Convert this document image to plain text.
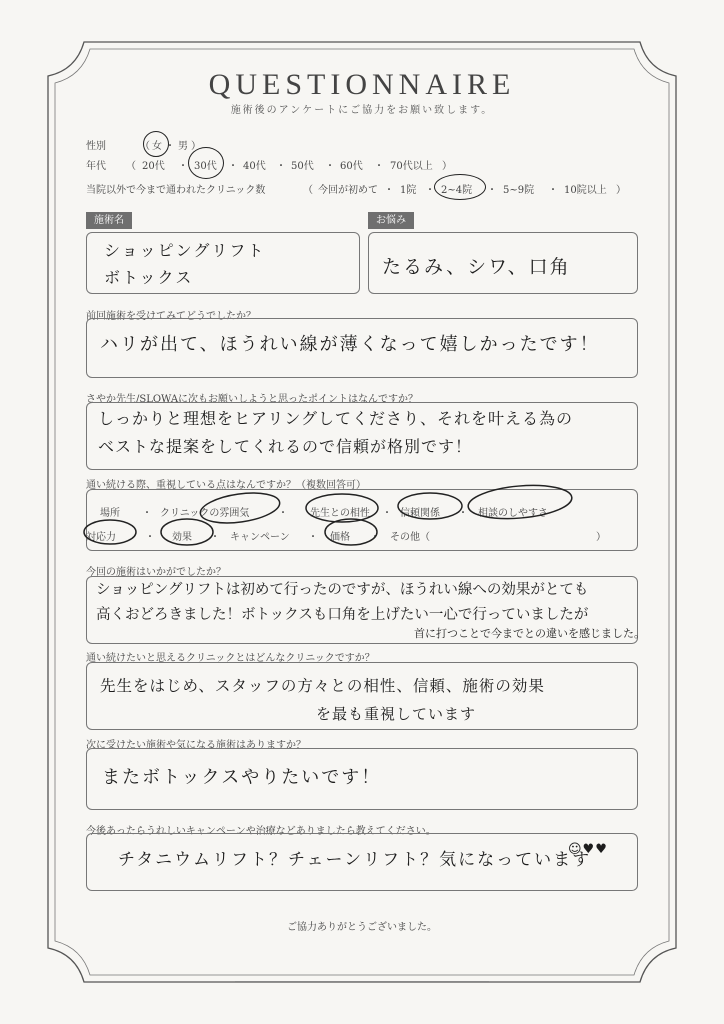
QUESTIONNAIRE
施術後のアンケートにご協力をお願い致します。
性別	（ 女 ・ 男 ）
年代 （ 20代 ・ 30代 ・ 40代 ・ 50代 ・ 60代 ・ 70代以上 ）
当院以外で今まで通われたクリニック数	（ 今回が初めて ・ 1院 ・ 2~4院 ・ 5~9院 ・ 10院以上 ）
施術名
ショッピングリフト
ボトックス
お悩み
たるみ、シワ、口角
前回施術を受けてみてどうでしたか？
ハリが出て、ほうれい線が薄くなって嬉しかったです！
さやか先生/SLOWAに次もお願いしようと思ったポイントはなんですか？
しっかりと理想をヒアリングしてくださり、それを叶える為の
ベストな提案をしてくれるので信頼が格別です！
通い続ける際、重視している点はなんですか？（複数回答可）
場所 ・ クリニックの雰囲気	・ 先生との相性 ・ 信頼関係 ・ 相談のしやすさ
対応力	・ 効果 ・ キャンペーン ・ 価格 ・ その他（	）
今回の施術はいかがでしたか？
ショッピングリフトは初めて行ったのですが、ほうれい線への効果がとても
高くおどろきました！ボトックスも口角を上げたい一心で行っていましたが
首に打つことで今までとの違いを感じました。
通い続けたいと思えるクリニックとはどんなクリニックですか？
先生をはじめ、スタッフの方々との相性、信頼、施術の効果
を最も重視しています
次に受けたい施術や気になる施術はありますか？
またボトックスやりたいです！
今後あったらうれしいキャンペーンや治療などありましたら教えてください。
チタニウムリフト？チェーンリフト？気になっています
☺♥♥
ご協力ありがとうございました。
